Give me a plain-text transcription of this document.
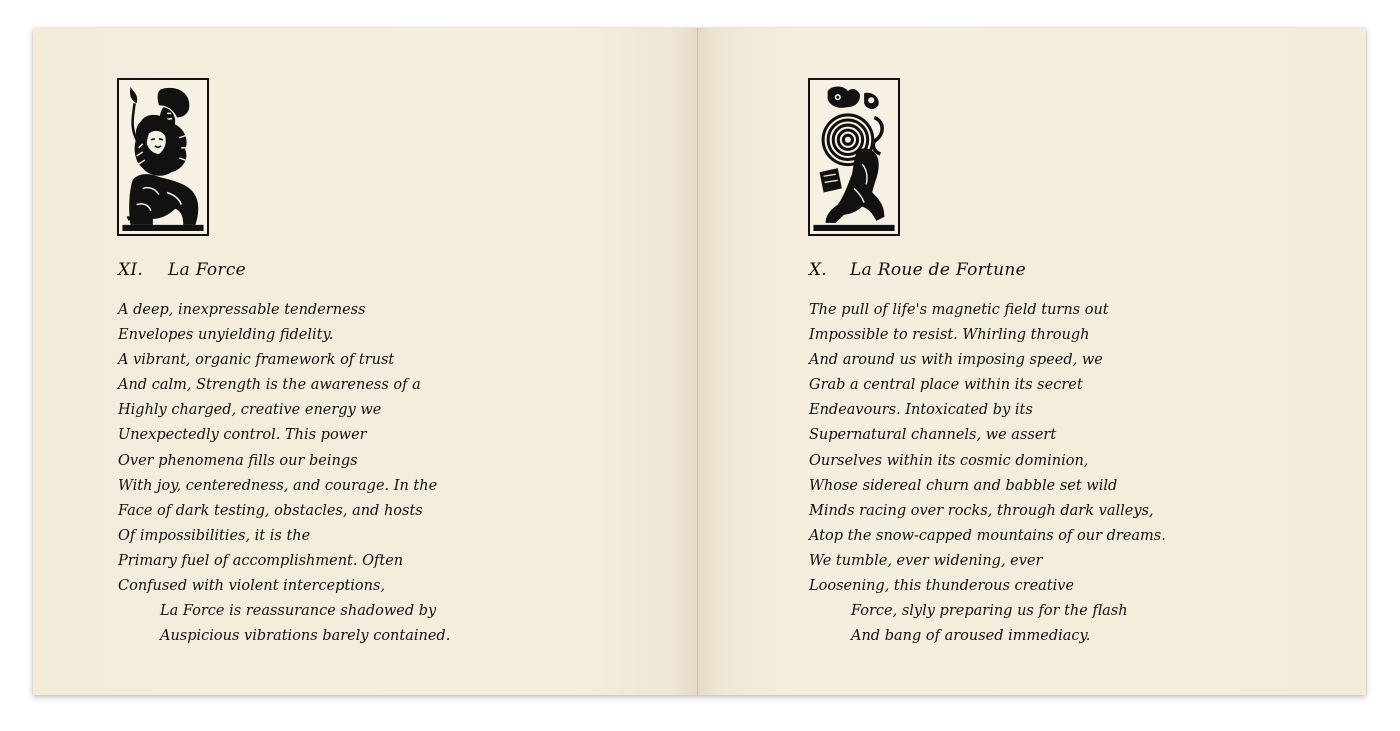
XI. La Force
A deep, inexpressable tenderness
Envelopes unyielding fidelity.
A vibrant, organic framework of trust
And calm, Strength is the awareness of a
Highly charged, creative energy we
Unexpectedly control. This power
Over phenomena fills our beings
With joy, centeredness, and courage. In the
Face of dark testing, obstacles, and hosts
Of impossibilities, it is the
Primary fuel of accomplishment. Often
Confused with violent interceptions,
La Force is reassurance shadowed by
Auspicious vibrations barely contained.
X. La Roue de Fortune
The pull of life's magnetic field turns out
Impossible to resist. Whirling through
And around us with imposing speed, we
Grab a central place within its secret
Endeavours. Intoxicated by its
Supernatural channels, we assert
Ourselves within its cosmic dominion,
Whose sidereal churn and babble set wild
Minds racing over rocks, through dark valleys,
Atop the snow-capped mountains of our dreams.
We tumble, ever widening, ever
Loosening, this thunderous creative
Force, slyly preparing us for the flash
And bang of aroused immediacy.
